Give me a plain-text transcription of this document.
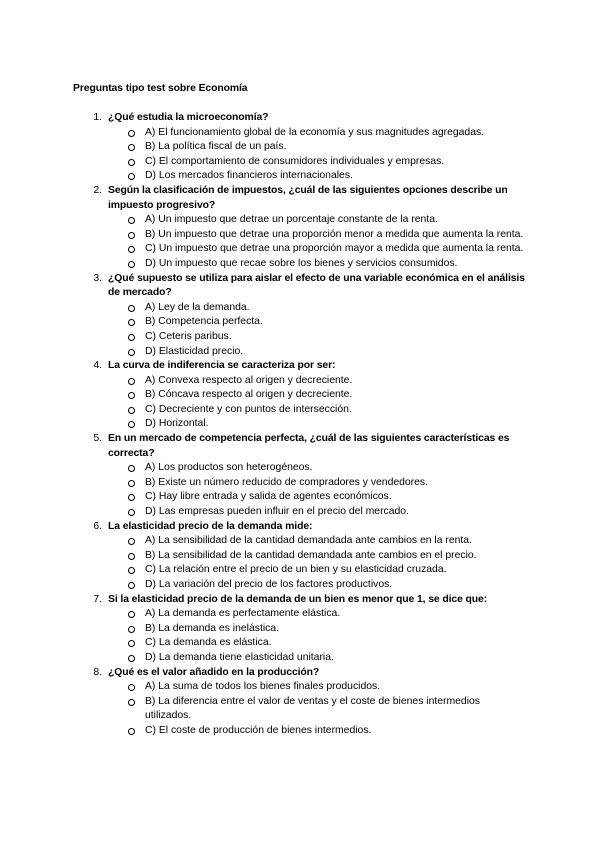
Preguntas tipo test sobre Economía
1. ¿Qué estudia la microeconomía?
A) El funcionamiento global de la economía y sus magnitudes agregadas.
B) La política fiscal de un país.
C) El comportamiento de consumidores individuales y empresas.
D) Los mercados financieros internacionales.
2. Según la clasificación de impuestos, ¿cuál de las siguientes opciones describe un impuesto progresivo?
A) Un impuesto que detrae un porcentaje constante de la renta.
B) Un impuesto que detrae una proporción menor a medida que aumenta la renta.
C) Un impuesto que detrae una proporción mayor a medida que aumenta la renta.
D) Un impuesto que recae sobre los bienes y servicios consumidos.
3. ¿Qué supuesto se utiliza para aislar el efecto de una variable económica en el análisis de mercado?
A) Ley de la demanda.
B) Competencia perfecta.
C) Ceteris paribus.
D) Elasticidad precio.
4. La curva de indiferencia se caracteriza por ser:
A) Convexa respecto al origen y decreciente.
B) Cóncava respecto al origen y decreciente.
C) Decreciente y con puntos de intersección.
D) Horizontal.
5. En un mercado de competencia perfecta, ¿cuál de las siguientes características es correcta?
A) Los productos son heterogéneos.
B) Existe un número reducido de compradores y vendedores.
C) Hay libre entrada y salida de agentes económicos.
D) Las empresas pueden influir en el precio del mercado.
6. La elasticidad precio de la demanda mide:
A) La sensibilidad de la cantidad demandada ante cambios en la renta.
B) La sensibilidad de la cantidad demandada ante cambios en el precio.
C) La relación entre el precio de un bien y su elasticidad cruzada.
D) La variación del precio de los factores productivos.
7. Si la elasticidad precio de la demanda de un bien es menor que 1, se dice que:
A) La demanda es perfectamente elástica.
B) La demanda es inelástica.
C) La demanda es elástica.
D) La demanda tiene elasticidad unitaria.
8. ¿Qué es el valor añadido en la producción?
A) La suma de todos los bienes finales producidos.
B) La diferencia entre el valor de ventas y el coste de bienes intermedios utilizados.
C) El coste de producción de bienes intermedios.
